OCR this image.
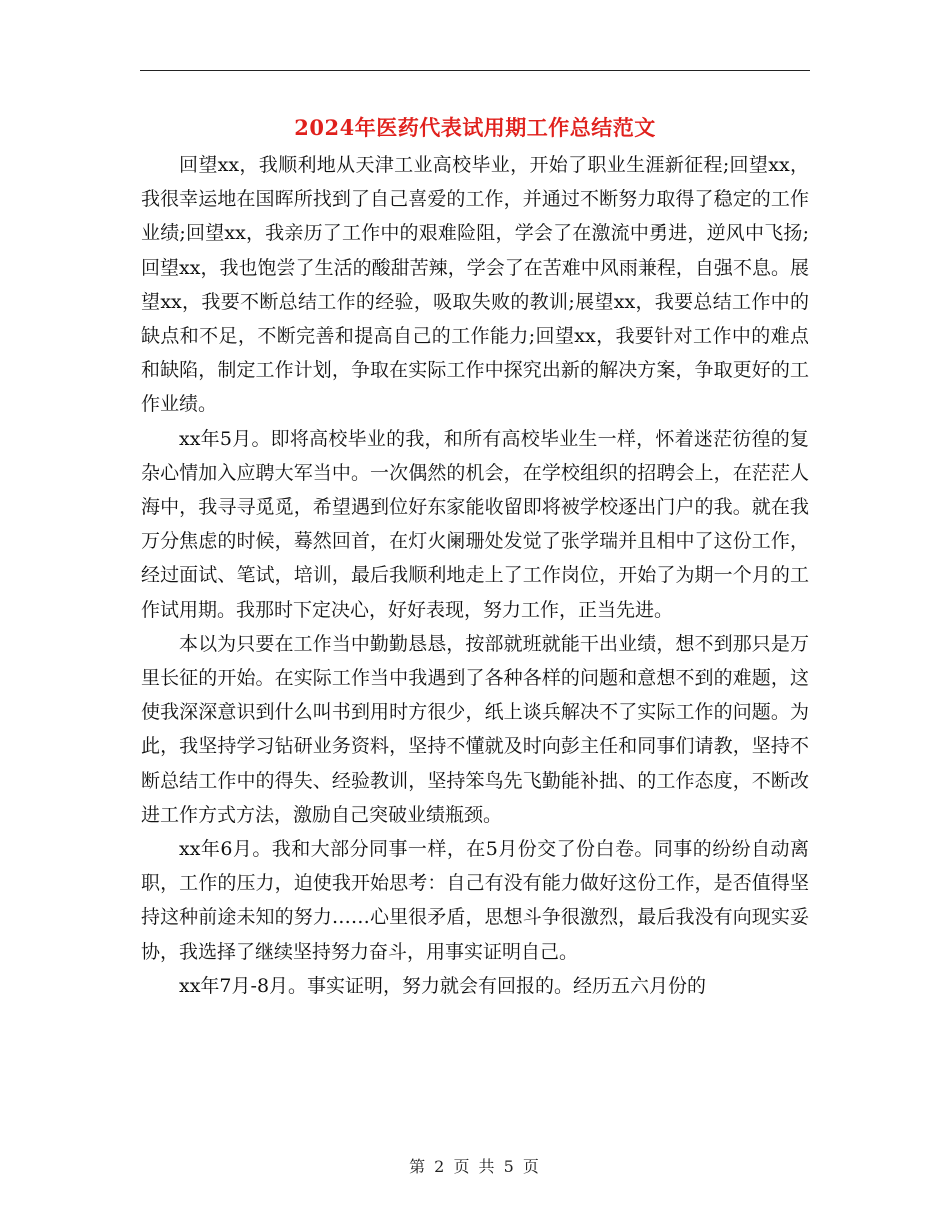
2024年医药代表试用期工作总结范文

回望xx，我顺利地从天津工业高校毕业，开始了职业生涯新征程;回望xx，我很幸运地在国晖所找到了自己喜爱的工作，并通过不断努力取得了稳定的工作业绩;回望xx，我亲历了工作中的艰难险阻，学会了在激流中勇进，逆风中飞扬;回望xx，我也饱尝了生活的酸甜苦辣，学会了在苦难中风雨兼程，自强不息。展望xx，我要不断总结工作的经验，吸取失败的教训;展望xx，我要总结工作中的缺点和不足，不断完善和提高自己的工作能力;回望xx，我要针对工作中的难点和缺陷，制定工作计划，争取在实际工作中探究出新的解决方案，争取更好的工作业绩。

xx年5月。即将高校毕业的我，和所有高校毕业生一样，怀着迷茫彷徨的复杂心情加入应聘大军当中。一次偶然的机会，在学校组织的招聘会上，在茫茫人海中，我寻寻觅觅，希望遇到位好东家能收留即将被学校逐出门户的我。就在我万分焦虑的时候，蓦然回首，在灯火阑珊处发觉了张学瑞并且相中了这份工作，经过面试、笔试，培训，最后我顺利地走上了工作岗位，开始了为期一个月的工作试用期。我那时下定决心，好好表现，努力工作，正当先进。

本以为只要在工作当中勤勤恳恳，按部就班就能干出业绩，想不到那只是万里长征的开始。在实际工作当中我遇到了各种各样的问题和意想不到的难题，这使我深深意识到什么叫书到用时方很少，纸上谈兵解决不了实际工作的问题。为此，我坚持学习钻研业务资料，坚持不懂就及时向彭主任和同事们请教，坚持不断总结工作中的得失、经验教训，坚持笨鸟先飞勤能补拙、的工作态度，不断改进工作方式方法，激励自己突破业绩瓶颈。

xx年6月。我和大部分同事一样，在5月份交了份白卷。同事的纷纷自动离职，工作的压力，迫使我开始思考：自己有没有能力做好这份工作，是否值得坚持这种前途未知的努力……心里很矛盾，思想斗争很激烈，最后我没有向现实妥协，我选择了继续坚持努力奋斗，用事实证明自己。

xx年7月-8月。事实证明，努力就会有回报的。经历五六月份的

第 2 页 共 5 页
